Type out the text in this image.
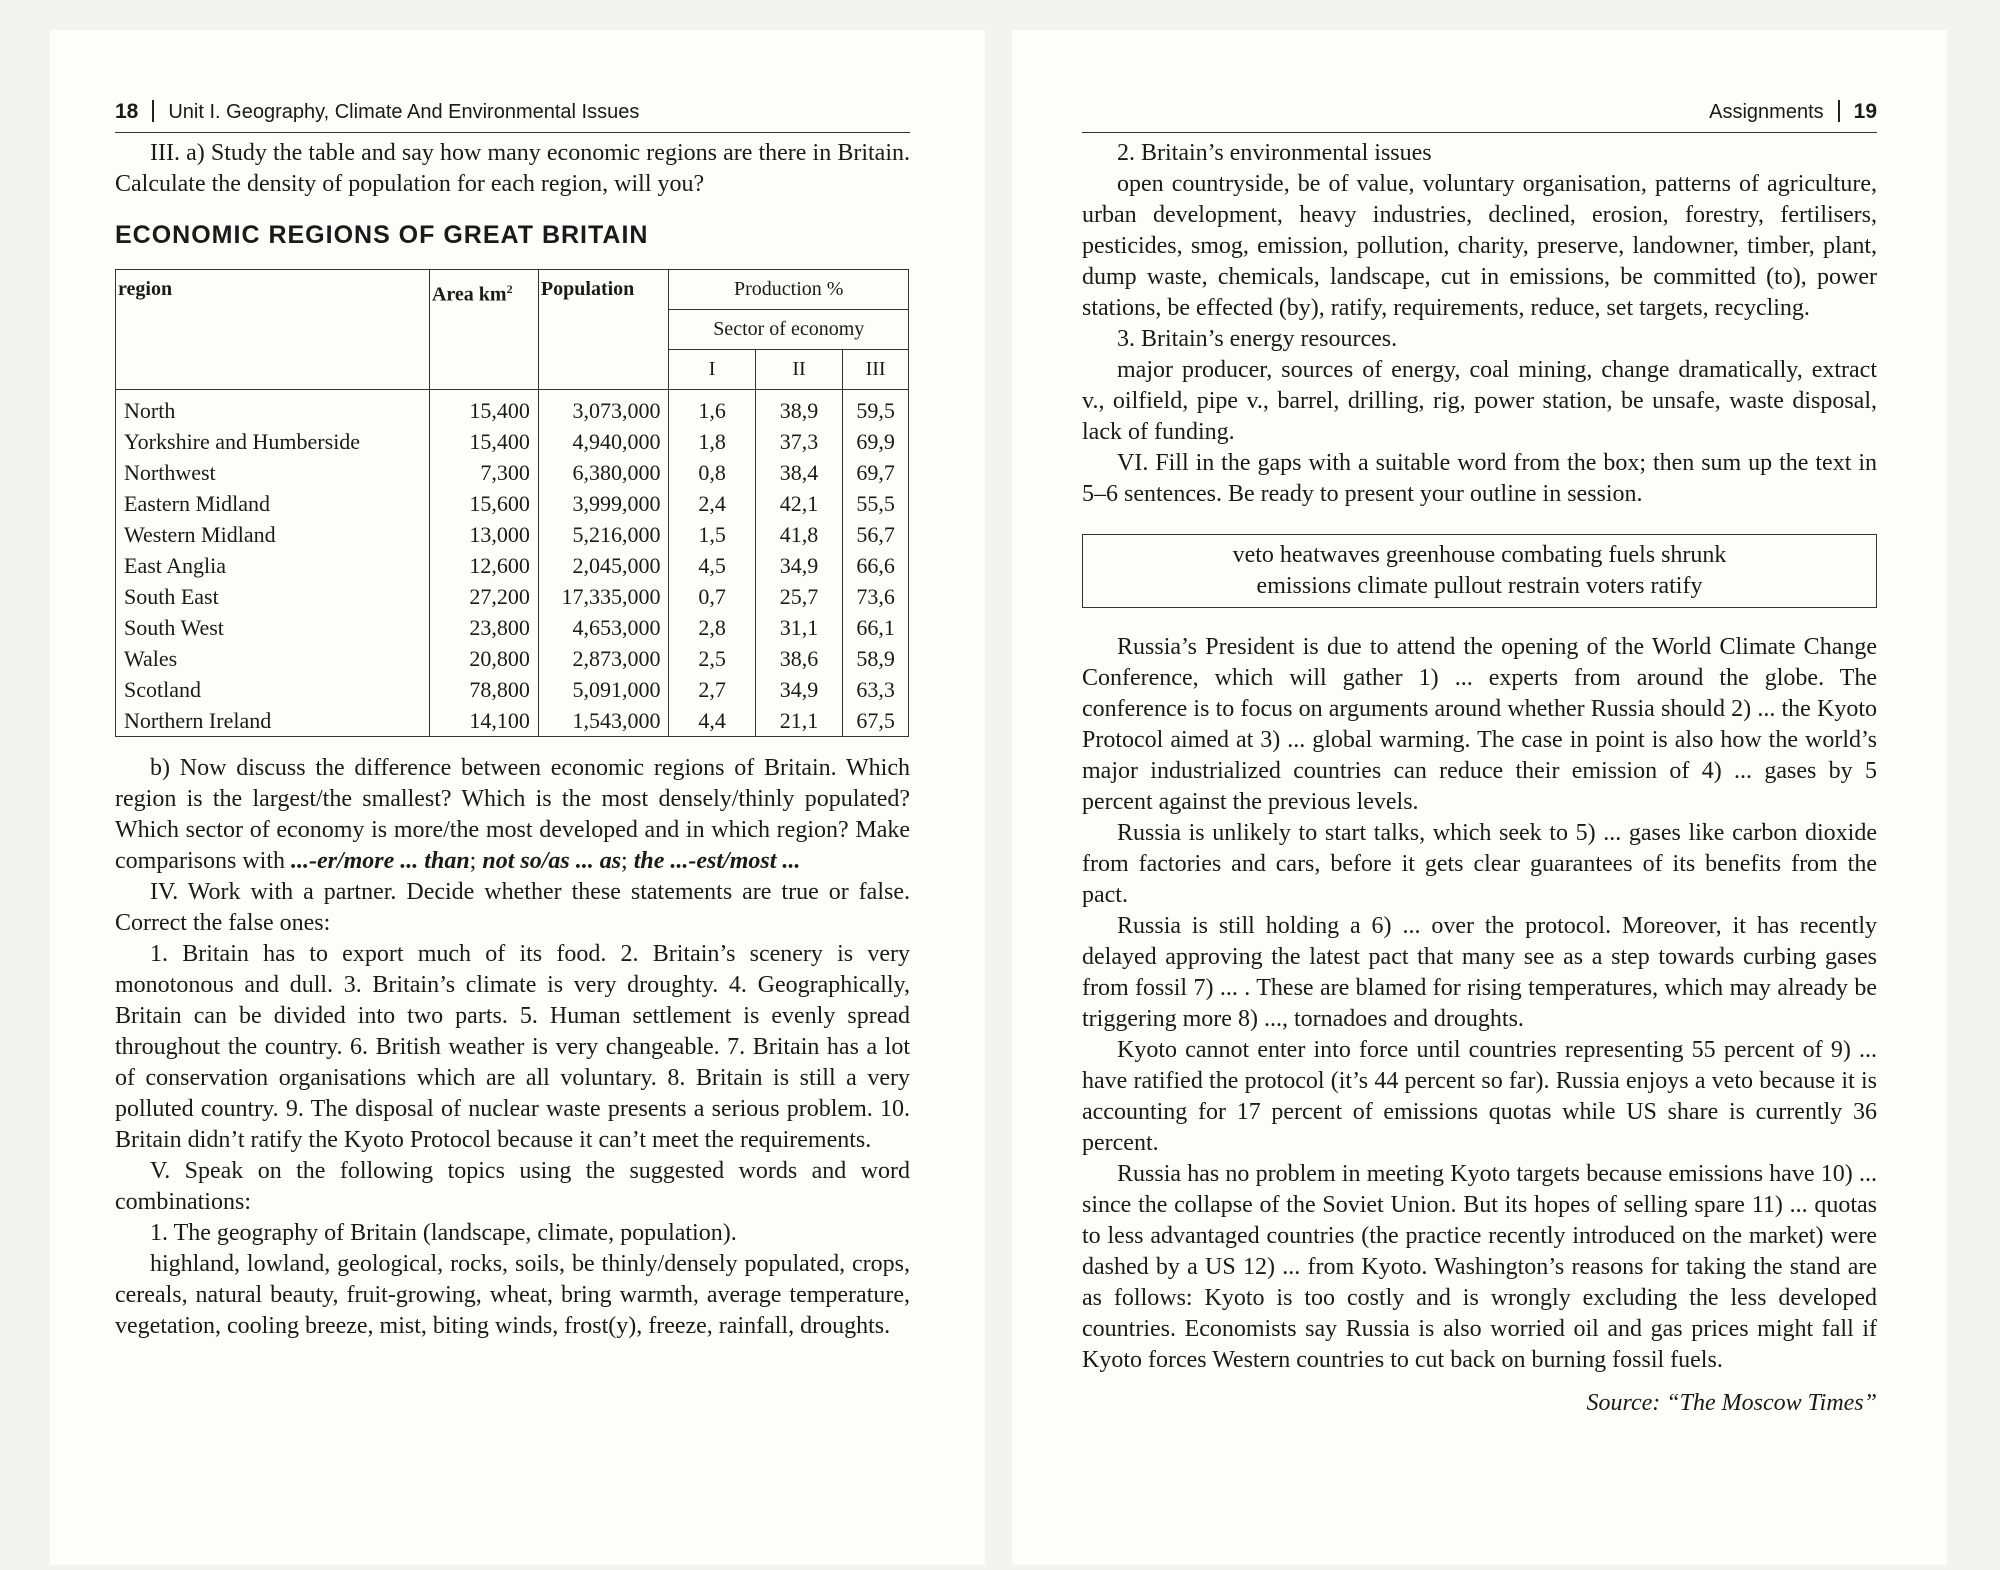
18 Unit I. Geography, Climate And Environmental Issues

III. a) Study the table and say how many economic regions are there in Britain. Calculate the density of population for each region, will you?

ECONOMIC REGIONS OF GREAT BRITAIN
region	Area $km^2$	Population	Production %		
			Sector of economy		
			I	II	III
North	15,400	3,073,000	1,6	38,9	59,5
Yorkshire and Humberside	15,400	4,940,000	1,8	37,3	69,9
Northwest	7,300	6,380,000	0,8	38,4	69,7
Eastern Midland	15,600	3,999,000	2,4	42,1	55,5
Western Midland	13,000	5,216,000	1,5	41,8	56,7
East Anglia	12,600	2,045,000	4,5	34,9	66,6
South East	27,200	17,335,000	0,7	25,7	73,6
South West	23,800	4,653,000	2,8	31,1	66,1
Wales	20,800	2,873,000	2,5	38,6	58,9
Scotland	78,800	5,091,000	2,7	34,9	63,3
Northern Ireland	14,100	1,543,000	4,4	21,1	67,5

b) Now discuss the difference between economic regions of Britain. Which region is the largest/the smallest? Which is the most densely/thinly populated? Which sector of economy is more/the most developed and in which region? Make comparisons with ...-er/more ... than; not so/as ... as; the ...-est/most ...

IV. Work with a partner. Decide whether these statements are true or false. Correct the false ones:

1. Britain has to export much of its food. 2. Britain’s scenery is very monotonous and dull. 3. Britain’s climate is very droughty. 4. Geographically, Britain can be divided into two parts. 5. Human settlement is evenly spread throughout the country. 6. British weather is very changeable. 7. Britain has a lot of conservation organisations which are all voluntary. 8. Britain is still a very polluted country. 9. The disposal of nuclear waste presents a serious problem. 10. Britain didn’t ratify the Kyoto Protocol because it can’t meet the requirements.

V. Speak on the following topics using the suggested words and word combinations:

1. The geography of Britain (landscape, climate, population).

highland, lowland, geological, rocks, soils, be thinly/densely populated, crops, cereals, natural beauty, fruit-growing, wheat, bring warmth, average temperature, vegetation, cooling breeze, mist, biting winds, frost(y), freeze, rainfall, droughts.

Assignments 19

2. Britain’s environmental issues

open countryside, be of value, voluntary organisation, patterns of agriculture, urban development, heavy industries, declined, erosion, forestry, fertilisers, pesticides, smog, emission, pollution, charity, preserve, landowner, timber, plant, dump waste, chemicals, landscape, cut in emissions, be committed (to), power stations, be effected (by), ratify, requirements, reduce, set targets, recycling.

3. Britain’s energy resources.

major producer, sources of energy, coal mining, change dramatically, extract v., oilfield, pipe v., barrel, drilling, rig, power station, be unsafe, waste disposal, lack of funding.

VI. Fill in the gaps with a suitable word from the box; then sum up the text in 5–6 sentences. Be ready to present your outline in session.

veto heatwaves greenhouse combating fuels shrunk
emissions climate pullout restrain voters ratify

Russia’s President is due to attend the opening of the World Climate Change Conference, which will gather 1) ... experts from around the globe. The conference is to focus on arguments around whether Russia should 2) ... the Kyoto Protocol aimed at 3) ... global warming. The case in point is also how the world’s major industrialized countries can reduce their emission of 4) ... gases by 5 percent against the previous levels.

Russia is unlikely to start talks, which seek to 5) ... gases like carbon dioxide from factories and cars, before it gets clear guarantees of its benefits from the pact.

Russia is still holding a 6) ... over the protocol. Moreover, it has recently delayed approving the latest pact that many see as a step towards curbing gases from fossil 7) ... . These are blamed for rising temperatures, which may already be triggering more 8) ..., tornadoes and droughts.

Kyoto cannot enter into force until countries representing 55 percent of 9) ... have ratified the protocol (it’s 44 percent so far). Russia enjoys a veto because it is accounting for 17 percent of emissions quotas while US share is currently 36 percent.

Russia has no problem in meeting Kyoto targets because emissions have 10) ... since the collapse of the Soviet Union. But its hopes of selling spare 11) ... quotas to less advantaged countries (the practice recently introduced on the market) were dashed by a US 12) ... from Kyoto. Washington’s reasons for taking the stand are as follows: Kyoto is too costly and is wrongly excluding the less developed countries. Economists say Russia is also worried oil and gas prices might fall if Kyoto forces Western countries to cut back on burning fossil fuels.

Source: “The Moscow Times”
